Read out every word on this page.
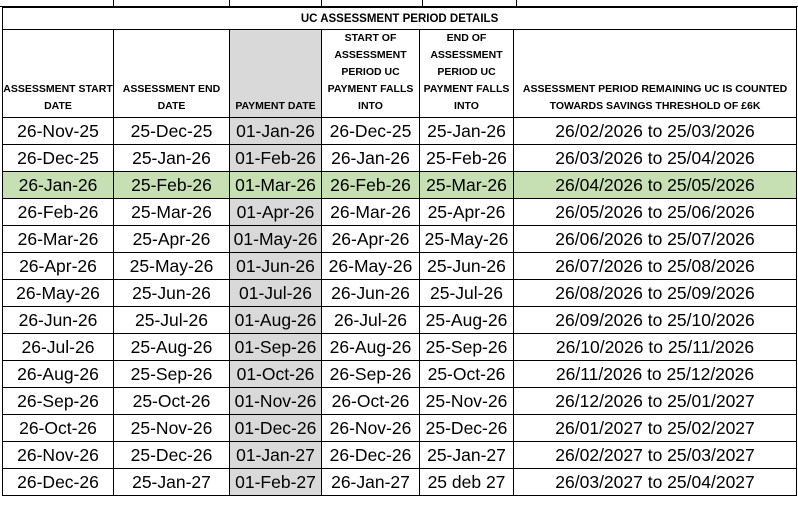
UC ASSESSMENT PERIOD DETAILS					
ASSESSMENT START DATE	ASSESSMENT END DATE	PAYMENT DATE	START OF ASSESSMENT PERIOD UC PAYMENT FALLS INTO	END OF ASSESSMENT PERIOD UC PAYMENT FALLS INTO	ASSESSMENT PERIOD REMAINING UC IS COUNTED TOWARDS SAVINGS THRESHOLD OF £6K
26-Nov-25	25-Dec-25	01-Jan-26	26-Dec-25	25-Jan-26	26/02/2026 to 25/03/2026
26-Dec-25	25-Jan-26	01-Feb-26	26-Jan-26	25-Feb-26	26/03/2026 to 25/04/2026
26-Jan-26	25-Feb-26	01-Mar-26	26-Feb-26	25-Mar-26	26/04/2026 to 25/05/2026
26-Feb-26	25-Mar-26	01-Apr-26	26-Mar-26	25-Apr-26	26/05/2026 to 25/06/2026
26-Mar-26	25-Apr-26	01-May-26	26-Apr-26	25-May-26	26/06/2026 to 25/07/2026
26-Apr-26	25-May-26	01-Jun-26	26-May-26	25-Jun-26	26/07/2026 to 25/08/2026
26-May-26	25-Jun-26	01-Jul-26	26-Jun-26	25-Jul-26	26/08/2026 to 25/09/2026
26-Jun-26	25-Jul-26	01-Aug-26	26-Jul-26	25-Aug-26	26/09/2026 to 25/10/2026
26-Jul-26	25-Aug-26	01-Sep-26	26-Aug-26	25-Sep-26	26/10/2026 to 25/11/2026
26-Aug-26	25-Sep-26	01-Oct-26	26-Sep-26	25-Oct-26	26/11/2026 to 25/12/2026
26-Sep-26	25-Oct-26	01-Nov-26	26-Oct-26	25-Nov-26	26/12/2026 to 25/01/2027
26-Oct-26	25-Nov-26	01-Dec-26	26-Nov-26	25-Dec-26	26/01/2027 to 25/02/2027
26-Nov-26	25-Dec-26	01-Jan-27	26-Dec-26	25-Jan-27	26/02/2027 to 25/03/2027
26-Dec-26	25-Jan-27	01-Feb-27	26-Jan-27	25 deb 27	26/03/2027 to 25/04/2027
